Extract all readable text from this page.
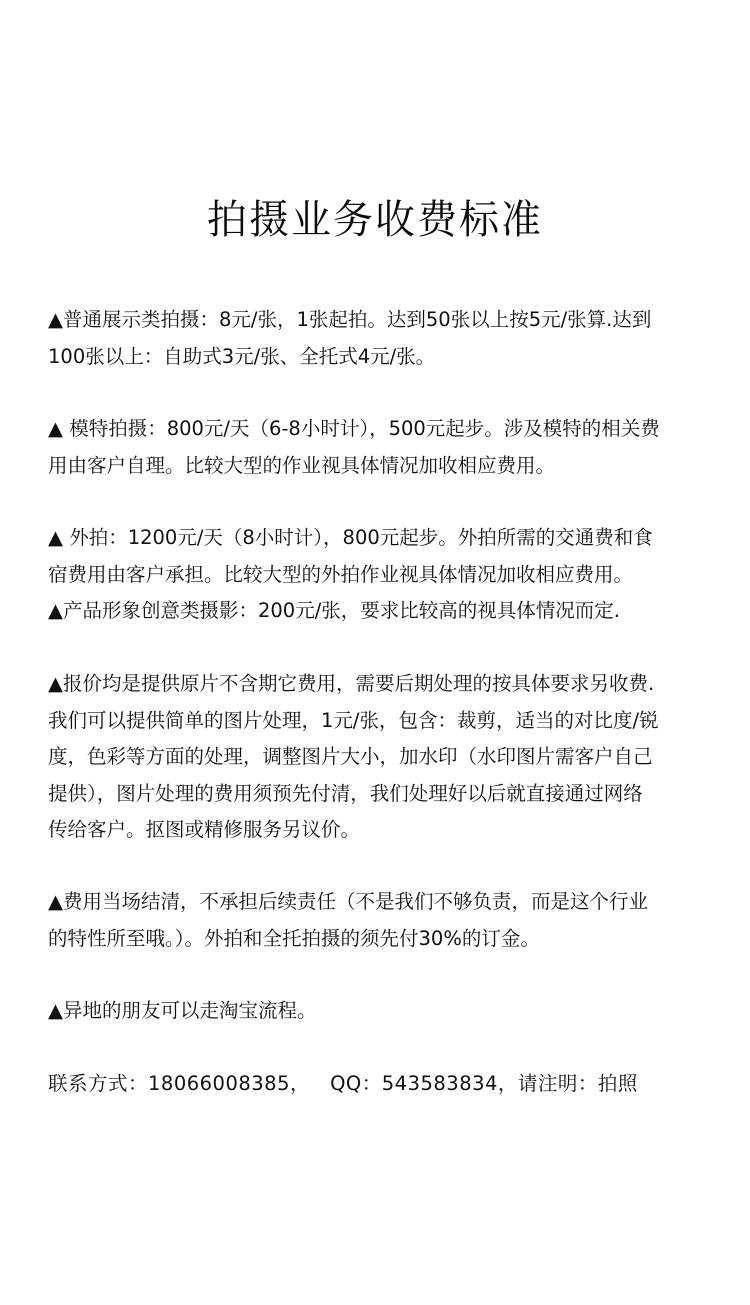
拍摄业务收费标准
▲普通展示类拍摄：8元/张，1张起拍。达到50张以上按5元/张算.达到
100张以上：自助式3元/张、全托式4元/张。
▲ 模特拍摄：800元/天（6-8小时计），500元起步。涉及模特的相关费
用由客户自理。比较大型的作业视具体情况加收相应费用。
▲ 外拍：1200元/天（8小时计），800元起步。外拍所需的交通费和食
宿费用由客户承担。比较大型的外拍作业视具体情况加收相应费用。
▲产品形象创意类摄影：200元/张，要求比较高的视具体情况而定.
▲报价均是提供原片不含期它费用，需要后期处理的按具体要求另收费.
我们可以提供简单的图片处理，1元/张，包含：裁剪，适当的对比度/锐
度，色彩等方面的处理，调整图片大小，加水印（水印图片需客户自己
提供），图片处理的费用须预先付清，我们处理好以后就直接通过网络
传给客户。抠图或精修服务另议价。
▲费用当场结清，不承担后续责任（不是我们不够负责，而是这个行业
的特性所至哦。）。外拍和全托拍摄的须先付30%的订金。
▲异地的朋友可以走淘宝流程。
联系方式：18066008385，   QQ：543583834，请注明：拍照
